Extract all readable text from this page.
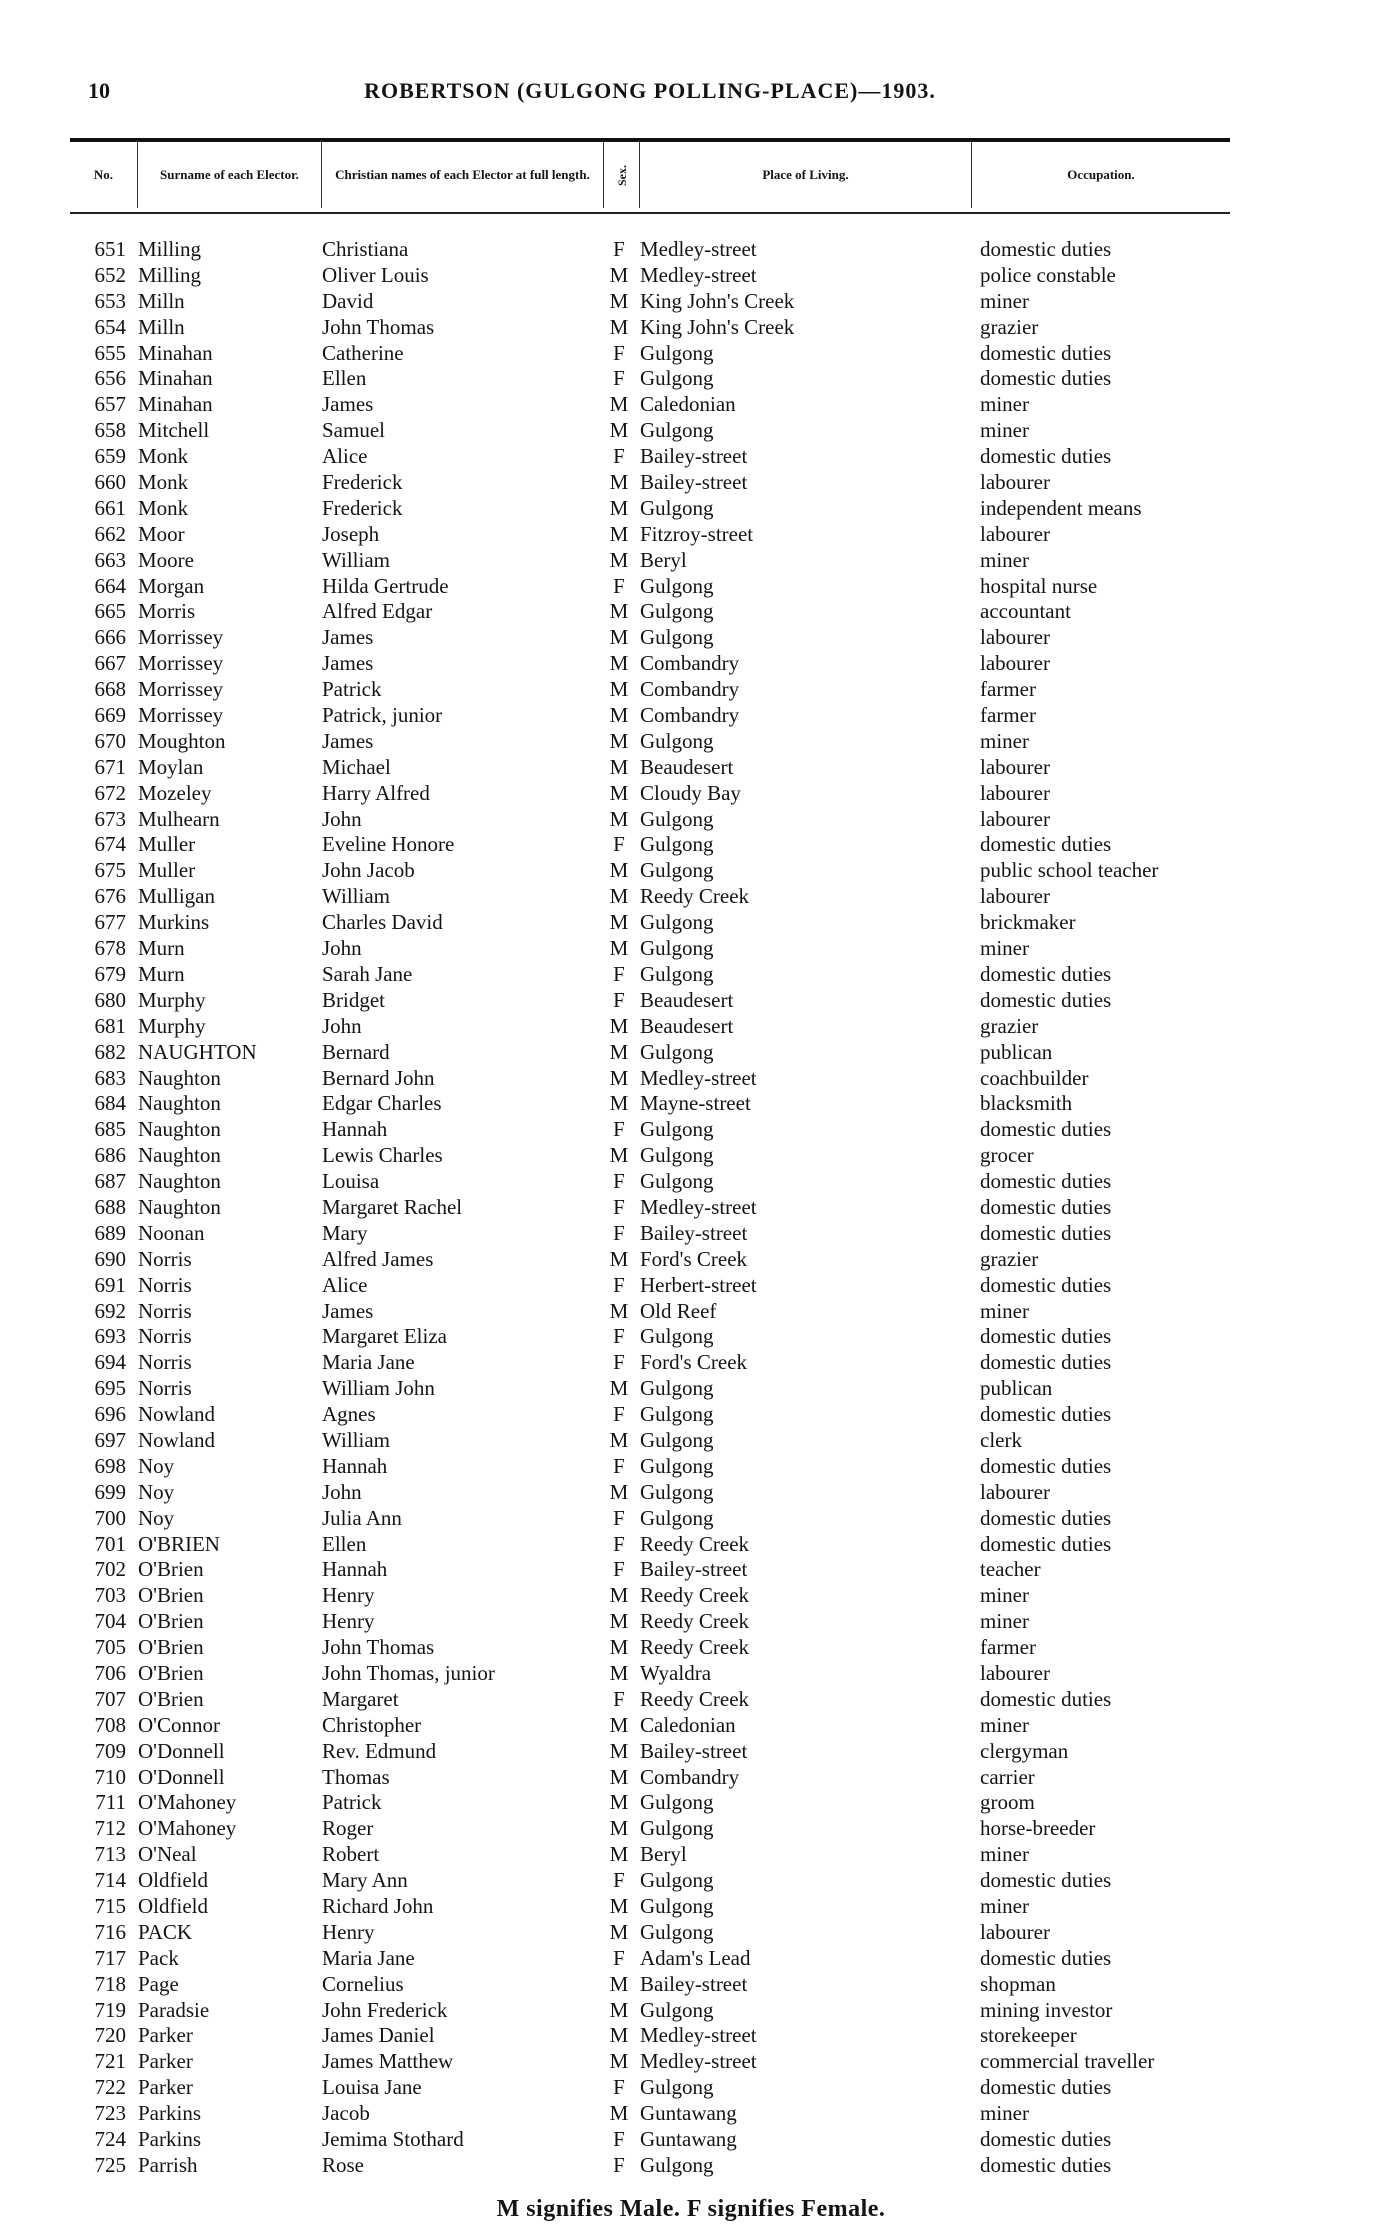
10	ROBERTSON (GULGONG POLLING-PLACE)—1903.
No.	Surname of each Elector.	Christian names of each Elector at full length.	Sex.	Place of Living.	Occupation.
651 Milling	Christiana	F Medley-street	domestic duties
652 Milling	Oliver Louis	M Medley-street	police constable
653 Milln	David	M King John's Creek	miner
654 Milln	John Thomas	M King John's Creek	grazier
655 Minahan	Catherine	F Gulgong	domestic duties
656 Minahan	Ellen	F Gulgong	domestic duties
657 Minahan	James	M Caledonian	miner
658 Mitchell	Samuel	M Gulgong	miner
659 Monk	Alice	F Bailey-street	domestic duties
660 Monk	Frederick	M Bailey-street	labourer
661 Monk	Frederick	M Gulgong	independent means
662 Moor	Joseph	M Fitzroy-street	labourer
663 Moore	William	M Beryl	miner
664 Morgan	Hilda Gertrude	F Gulgong	hospital nurse
665 Morris	Alfred Edgar	M Gulgong	accountant
666 Morrissey	James	M Gulgong	labourer
667 Morrissey	James	M Combandry	labourer
668 Morrissey	Patrick	M Combandry	farmer
669 Morrissey	Patrick, junior	M Combandry	farmer
670 Moughton	James	M Gulgong	miner
671 Moylan	Michael	M Beaudesert	labourer
672 Mozeley	Harry Alfred	M Cloudy Bay	labourer
673 Mulhearn	John	M Gulgong	labourer
674 Muller	Eveline Honore	F Gulgong	domestic duties
675 Muller	John Jacob	M Gulgong	public school teacher
676 Mulligan	William	M Reedy Creek	labourer
677 Murkins	Charles David	M Gulgong	brickmaker
678 Murn	John	M Gulgong	miner
679 Murn	Sarah Jane	F Gulgong	domestic duties
680 Murphy	Bridget	F Beaudesert	domestic duties
681 Murphy	John	M Beaudesert	grazier
682 NAUGHTON	Bernard	M Gulgong	publican
683 Naughton	Bernard John	M Medley-street	coachbuilder
684 Naughton	Edgar Charles	M Mayne-street	blacksmith
685 Naughton	Hannah	F Gulgong	domestic duties
686 Naughton	Lewis Charles	M Gulgong	grocer
687 Naughton	Louisa	F Gulgong	domestic duties
688 Naughton	Margaret Rachel	F Medley-street	domestic duties
689 Noonan	Mary	F Bailey-street	domestic duties
690 Norris	Alfred James	M Ford's Creek	grazier
691 Norris	Alice	F Herbert-street	domestic duties
692 Norris	James	M Old Reef	miner
693 Norris	Margaret Eliza	F Gulgong	domestic duties
694 Norris	Maria Jane	F Ford's Creek	domestic duties
695 Norris	William John	M Gulgong	publican
696 Nowland	Agnes	F Gulgong	domestic duties
697 Nowland	William	M Gulgong	clerk
698 Noy	Hannah	F Gulgong	domestic duties
699 Noy	John	M Gulgong	labourer
700 Noy	Julia Ann	F Gulgong	domestic duties
701 O'BRIEN	Ellen	F Reedy Creek	domestic duties
702 O'Brien	Hannah	F Bailey-street	teacher
703 O'Brien	Henry	M Reedy Creek	miner
704 O'Brien	Henry	M Reedy Creek	miner
705 O'Brien	John Thomas	M Reedy Creek	farmer
706 O'Brien	John Thomas, junior	M Wyaldra	labourer
707 O'Brien	Margaret	F Reedy Creek	domestic duties
708 O'Connor	Christopher	M Caledonian	miner
709 O'Donnell	Rev. Edmund	M Bailey-street	clergyman
710 O'Donnell	Thomas	M Combandry	carrier
711 O'Mahoney	Patrick	M Gulgong	groom
712 O'Mahoney	Roger	M Gulgong	horse-breeder
713 O'Neal	Robert	M Beryl	miner
714 Oldfield	Mary Ann	F Gulgong	domestic duties
715 Oldfield	Richard John	M Gulgong	miner
716 PACK	Henry	M Gulgong	labourer
717 Pack	Maria Jane	F Adam's Lead	domestic duties
718 Page	Cornelius	M Bailey-street	shopman
719 Paradsie	John Frederick	M Gulgong	mining investor
720 Parker	James Daniel	M Medley-street	storekeeper
721 Parker	James Matthew	M Medley-street	commercial traveller
722 Parker	Louisa Jane	F Gulgong	domestic duties
723 Parkins	Jacob	M Guntawang	miner
724 Parkins	Jemima Stothard	F Guntawang	domestic duties
725 Parrish	Rose	F Gulgong	domestic duties
M signifies Male. F signifies Female.
